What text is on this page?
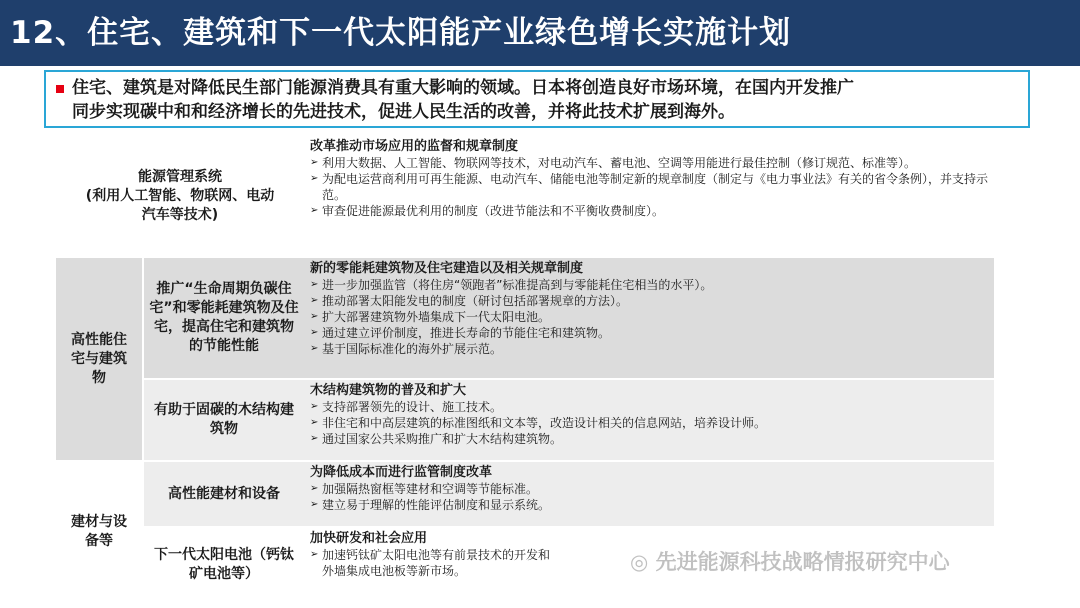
12、住宅、建筑和下一代太阳能产业绿色增长实施计划
住宅、建筑是对降低民生部门能源消费具有重大影响的领域。日本将创造良好市场环境，在国内开发推广
同步实现碳中和和经济增长的先进技术，促进人民生活的改善，并将此技术扩展到海外。
能源管理系统
(利用人工智能、物联网、电动
汽车等技术)
改革推动市场应用的监督和规章制度
➢ 利用大数据、人工智能、物联网等技术，对电动汽车、蓄电池、空调等用能进行最佳控制（修订规范、标准等）。
➢ 为配电运营商利用可再生能源、电动汽车、储能电池等制定新的规章制度（制定与《电力事业法》有关的省令条例），并支持示范。
➢ 审查促进能源最优利用的制度（改进节能法和不平衡收费制度）。
高性能住宅与建筑物
推广“生命周期负碳住宅”和零能耗建筑物及住宅，提高住宅和建筑物的节能性能
新的零能耗建筑物及住宅建造以及相关规章制度
➢ 进一步加强监管（将住房“领跑者”标准提高到与零能耗住宅相当的水平）。
➢ 推动部署太阳能发电的制度（研讨包括部署规章的方法）。
➢ 扩大部署建筑物外墙集成下一代太阳电池。
➢ 通过建立评价制度，推进长寿命的节能住宅和建筑物。
➢ 基于国际标准化的海外扩展示范。
有助于固碳的木结构建筑物
木结构建筑物的普及和扩大
➢ 支持部署领先的设计、施工技术。
➢ 非住宅和中高层建筑的标准图纸和文本等，改造设计相关的信息网站，培养设计师。
➢ 通过国家公共采购推广和扩大木结构建筑物。
建材与设备等
高性能建材和设备
为降低成本而进行监管制度改革
➢ 加强隔热窗框等建材和空调等节能标准。
➢ 建立易于理解的性能评估制度和显示系统。
下一代太阳电池（钙钛矿电池等）
加快研发和社会应用
➢ 加速钙钛矿太阳电池等有前景技术的开发和
外墙集成电池板等新市场。	◎ 先进能源科技战略情报研究中心
